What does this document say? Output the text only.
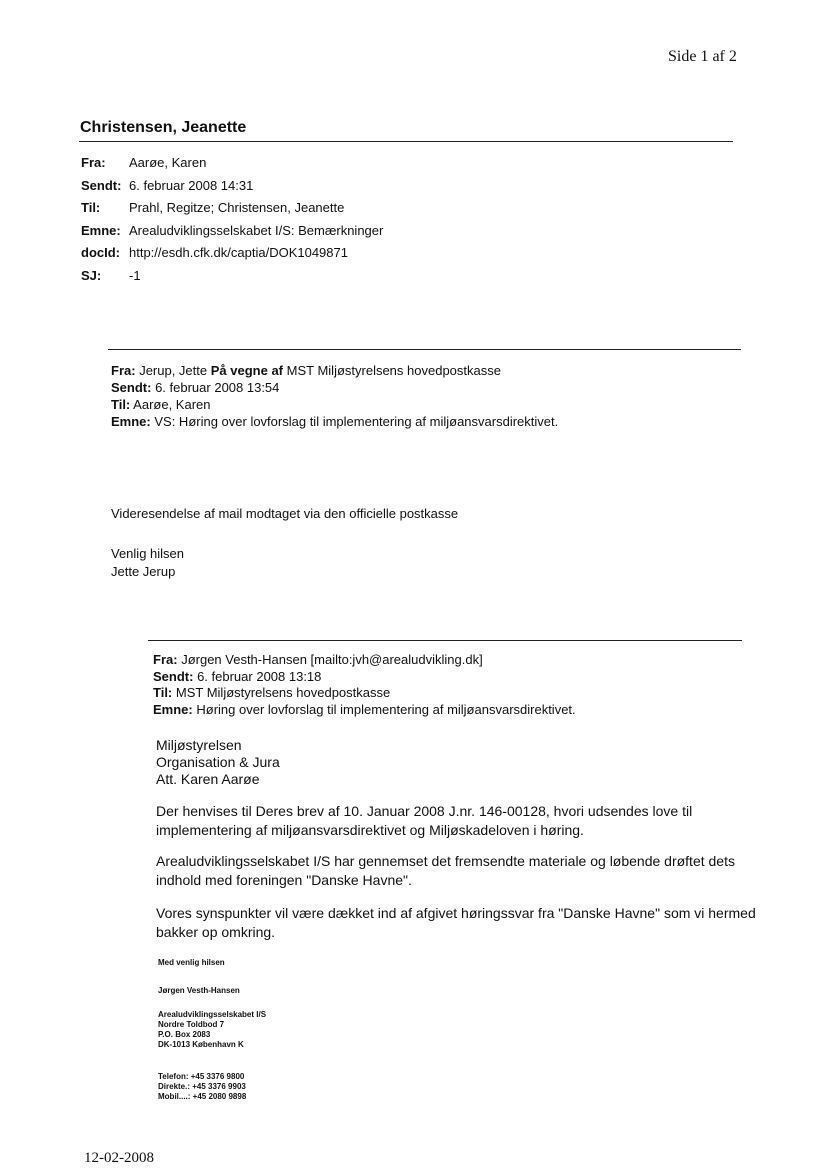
Side 1 af 2
Christensen, Jeanette
Fra:	Aarøe, Karen
Sendt:	6. februar 2008 14:31
Til:	Prahl, Regitze; Christensen, Jeanette
Emne:	Arealudviklingsselskabet I/S: Bemærkninger
docId:	http://esdh.cfk.dk/captia/DOK1049871
SJ:	-1
Fra: Jerup, Jette På vegne af MST Miljøstyrelsens hovedpostkasse
Sendt: 6. februar 2008 13:54
Til: Aarøe, Karen
Emne: VS: Høring over lovforslag til implementering af miljøansvarsdirektivet.
Videresendelse af mail modtaget via den officielle postkasse
Venlig hilsen
Jette Jerup
Fra: Jørgen Vesth-Hansen [mailto:jvh@arealudvikling.dk]
Sendt: 6. februar 2008 13:18
Til: MST Miljøstyrelsens hovedpostkasse
Emne: Høring over lovforslag til implementering af miljøansvarsdirektivet.
Miljøstyrelsen
Organisation & Jura
Att. Karen Aarøe
Der henvises til Deres brev af 10. Januar 2008 J.nr. 146-00128, hvori udsendes love til implementering af miljøansvarsdirektivet og Miljøskadeloven i høring.
Arealudviklingsselskabet I/S har gennemset det fremsendte materiale og løbende drøftet dets indhold med foreningen "Danske Havne".
Vores synspunkter vil være dækket ind af afgivet høringssvar fra "Danske Havne" som vi hermed bakker op omkring.
Med venlig hilsen
Jørgen Vesth-Hansen
Arealudviklingsselskabet I/S
Nordre Toldbod 7
P.O. Box 2083
DK-1013 København K
Telefon: +45 3376 9800
Direkte.: +45 3376 9903
Mobil....: +45 2080 9898
12-02-2008
